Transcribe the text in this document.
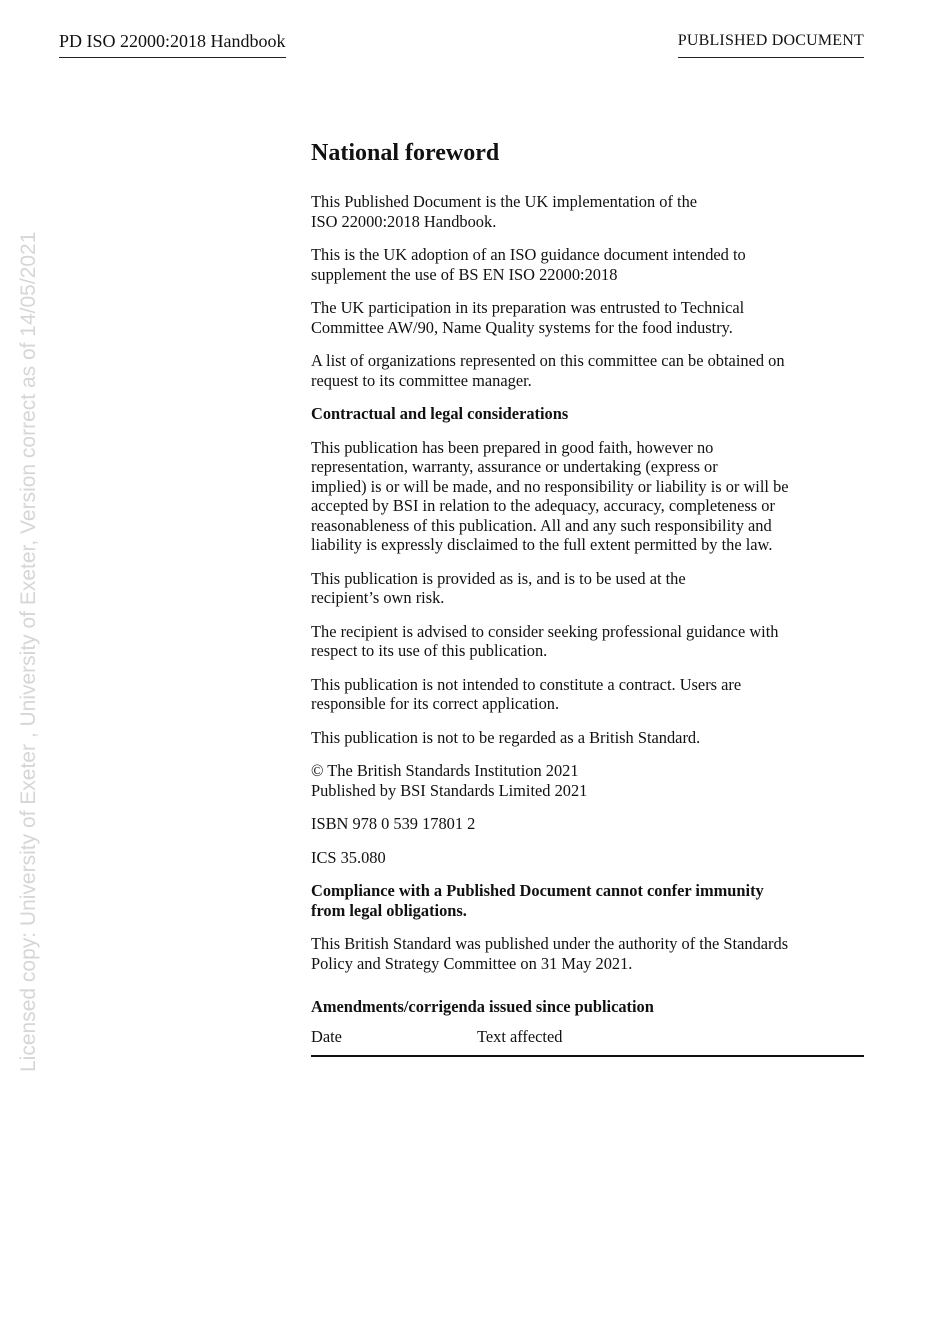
PD ISO 22000:2018 Handbook	PUBLISHED DOCUMENT
Licensed copy: University of Exeter , University of Exeter, Version correct as of 14/05/2021
National foreword

This Published Document is the UK implementation of the
ISO 22000:2018 Handbook.

This is the UK adoption of an ISO guidance document intended to
supplement the use of BS EN ISO 22000:2018

The UK participation in its preparation was entrusted to Technical
Committee AW/90, Name Quality systems for the food industry.

A list of organizations represented on this committee can be obtained on
request to its committee manager.

Contractual and legal considerations

This publication has been prepared in good faith, however no
representation, warranty, assurance or undertaking (express or
implied) is or will be made, and no responsibility or liability is or will be
accepted by BSI in relation to the adequacy, accuracy, completeness or
reasonableness of this publication. All and any such responsibility and
liability is expressly disclaimed to the full extent permitted by the law.

This publication is provided as is, and is to be used at the
recipient’s own risk.

The recipient is advised to consider seeking professional guidance with
respect to its use of this publication.

This publication is not intended to constitute a contract. Users are
responsible for its correct application.

This publication is not to be regarded as a British Standard.

© The British Standards Institution 2021
Published by BSI Standards Limited 2021

ISBN 978 0 539 17801 2

ICS 35.080

Compliance with a Published Document cannot confer immunity
from legal obligations.

This British Standard was published under the authority of the Standards
Policy and Strategy Committee on 31 May 2021.

Amendments/corrigenda issued since publication
Date	Text affected
